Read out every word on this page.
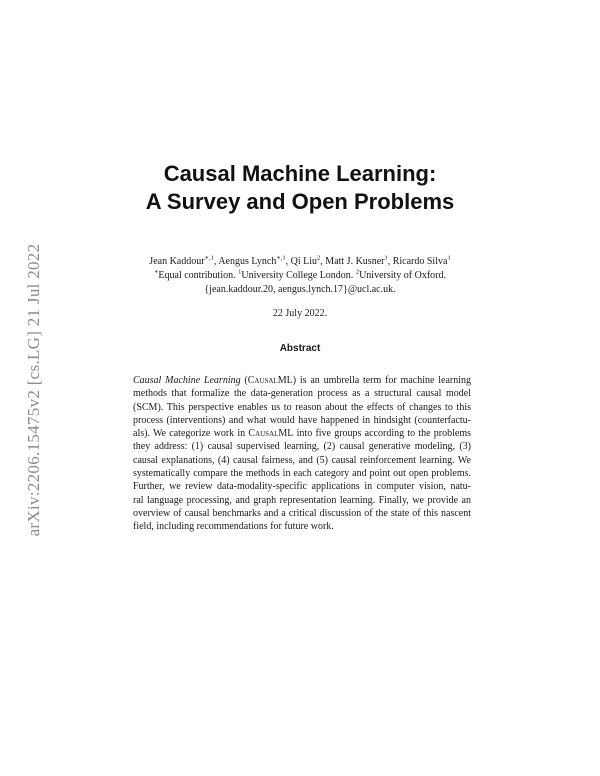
arXiv:2206.15475v2 [cs.LG] 21 Jul 2022
Causal Machine Learning:
A Survey and Open Problems
Jean Kaddour$^{∗,1}$, Aengus Lynch$^{∗,1}$, Qi Liu$^2$, Matt J. Kusner$^1$, Ricardo Silva$^1$
∗Equal contribution. $^1$University College London. $^2$University of Oxford.
{jean.kaddour.20, aengus.lynch.17}@ucl.ac.uk.
22 July 2022.
Abstract
Causal Machine Learning (CausalML) is an umbrella term for machine learning
methods that formalize the data-generation process as a structural causal model
(SCM). This perspective enables us to reason about the effects of changes to this
process (interventions) and what would have happened in hindsight (counterfactu-
als). We categorize work in CausalML into five groups according to the problems
they address: (1) causal supervised learning, (2) causal generative modeling, (3)
causal explanations, (4) causal fairness, and (5) causal reinforcement learning. We
systematically compare the methods in each category and point out open problems.
Further, we review data-modality-specific applications in computer vision, natu-
ral language processing, and graph representation learning. Finally, we provide an
overview of causal benchmarks and a critical discussion of the state of this nascent
field, including recommendations for future work.
